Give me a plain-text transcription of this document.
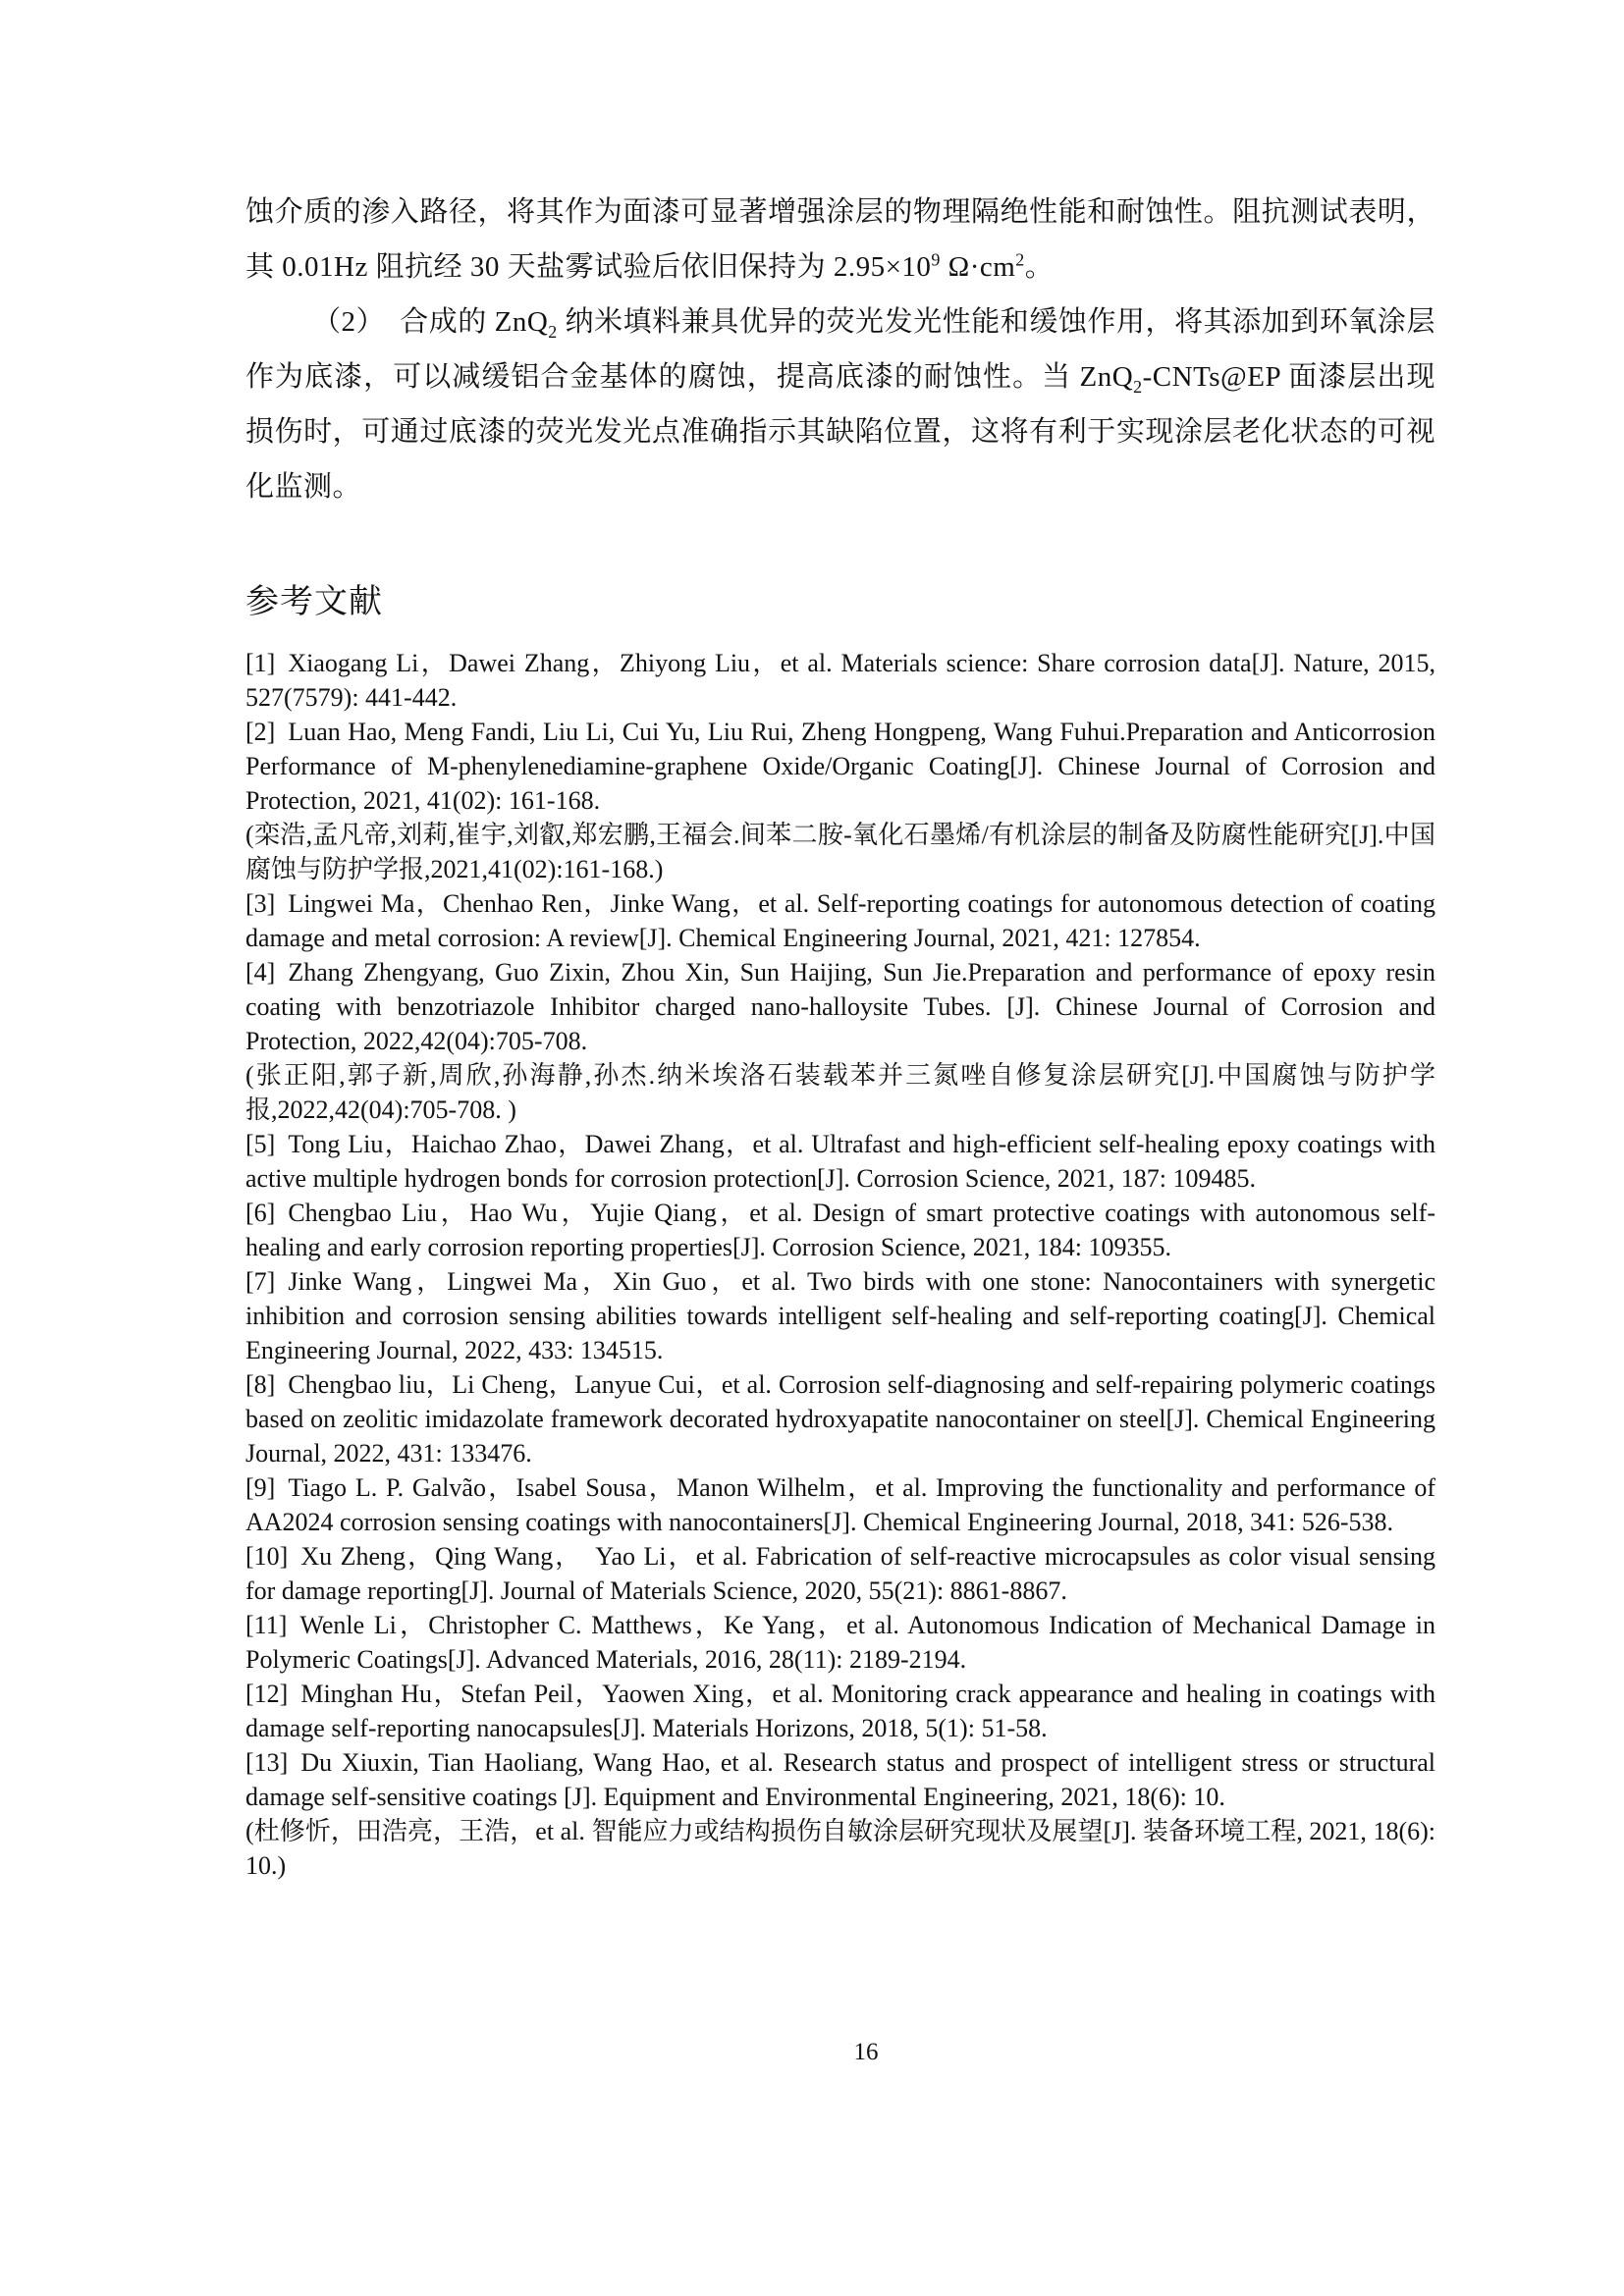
蚀介质的渗入路径，将其作为面漆可显著增强涂层的物理隔绝性能和耐蚀性。阻抗测试表明，其 0.01Hz 阻抗经 30 天盐雾试验后依旧保持为 $2.95\times 10^9$ $\Omega\cdot cm^2$。

（2） 合成的 ZnQ$_2$ 纳米填料兼具优异的荧光发光性能和缓蚀作用，将其添加到环氧涂层作为底漆，可以减缓铝合金基体的腐蚀，提高底漆的耐蚀性。当 ZnQ$_2$-CNTs@EP 面漆层出现损伤时，可通过底漆的荧光发光点准确指示其缺陷位置，这将有利于实现涂层老化状态的可视化监测。

参考文献

[1] Xiaogang Li，Dawei Zhang，Zhiyong Liu，et al. Materials science: Share corrosion data[J]. Nature, 2015, 527(7579): 441-442.

[2] Luan Hao, Meng Fandi, Liu Li, Cui Yu, Liu Rui, Zheng Hongpeng, Wang Fuhui.Preparation and Anticorrosion Performance of M-phenylenediamine-graphene Oxide/Organic Coating[J]. Chinese Journal of Corrosion and Protection, 2021, 41(02): 161-168.

(栾浩,孟凡帝,刘莉,崔宇,刘叡,郑宏鹏,王福会.间苯二胺-氧化石墨烯/有机涂层的制备及防腐性能研究[J].中国腐蚀与防护学报,2021,41(02):161-168.)

[3] Lingwei Ma，Chenhao Ren，Jinke Wang，et al. Self-reporting coatings for autonomous detection of coating damage and metal corrosion: A review[J]. Chemical Engineering Journal, 2021, 421: 127854.

[4] Zhang Zhengyang, Guo Zixin, Zhou Xin, Sun Haijing, Sun Jie.Preparation and performance of epoxy resin coating with benzotriazole Inhibitor charged nano-halloysite Tubes. [J]. Chinese Journal of Corrosion and Protection, 2022,42(04):705-708.

(张正阳,郭子新,周欣,孙海静,孙杰.纳米埃洛石装载苯并三氮唑自修复涂层研究[J].中国腐蚀与防护学报,2022,42(04):705-708. )

[5] Tong Liu，Haichao Zhao，Dawei Zhang，et al. Ultrafast and high-efficient self-healing epoxy coatings with active multiple hydrogen bonds for corrosion protection[J]. Corrosion Science, 2021, 187: 109485.

[6] Chengbao Liu，Hao Wu，Yujie Qiang，et al. Design of smart protective coatings with autonomous self-healing and early corrosion reporting properties[J]. Corrosion Science, 2021, 184: 109355.

[7] Jinke Wang，Lingwei Ma，Xin Guo，et al. Two birds with one stone: Nanocontainers with synergetic inhibition and corrosion sensing abilities towards intelligent self-healing and self-reporting coating[J]. Chemical Engineering Journal, 2022, 433: 134515.

[8] Chengbao liu，Li Cheng，Lanyue Cui，et al. Corrosion self-diagnosing and self-repairing polymeric coatings based on zeolitic imidazolate framework decorated hydroxyapatite nanocontainer on steel[J]. Chemical Engineering Journal, 2022, 431: 133476.

[9] Tiago L. P. Galvão，Isabel Sousa，Manon Wilhelm，et al. Improving the functionality and performance of AA2024 corrosion sensing coatings with nanocontainers[J]. Chemical Engineering Journal, 2018, 341: 526-538.

[10] Xu Zheng，Qing Wang， Yao Li，et al. Fabrication of self-reactive microcapsules as color visual sensing for damage reporting[J]. Journal of Materials Science, 2020, 55(21): 8861-8867.

[11] Wenle Li，Christopher C. Matthews，Ke Yang，et al. Autonomous Indication of Mechanical Damage in Polymeric Coatings[J]. Advanced Materials, 2016, 28(11): 2189-2194.

[12] Minghan Hu，Stefan Peil，Yaowen Xing，et al. Monitoring crack appearance and healing in coatings with damage self-reporting nanocapsules[J]. Materials Horizons, 2018, 5(1): 51-58.

[13] Du Xiuxin, Tian Haoliang, Wang Hao, et al. Research status and prospect of intelligent stress or structural damage self-sensitive coatings [J]. Equipment and Environmental Engineering, 2021, 18(6): 10.

(杜修忻，田浩亮，王浩，et al. 智能应力或结构损伤自敏涂层研究现状及展望[J]. 装备环境工程, 2021, 18(6): 10.)

16
